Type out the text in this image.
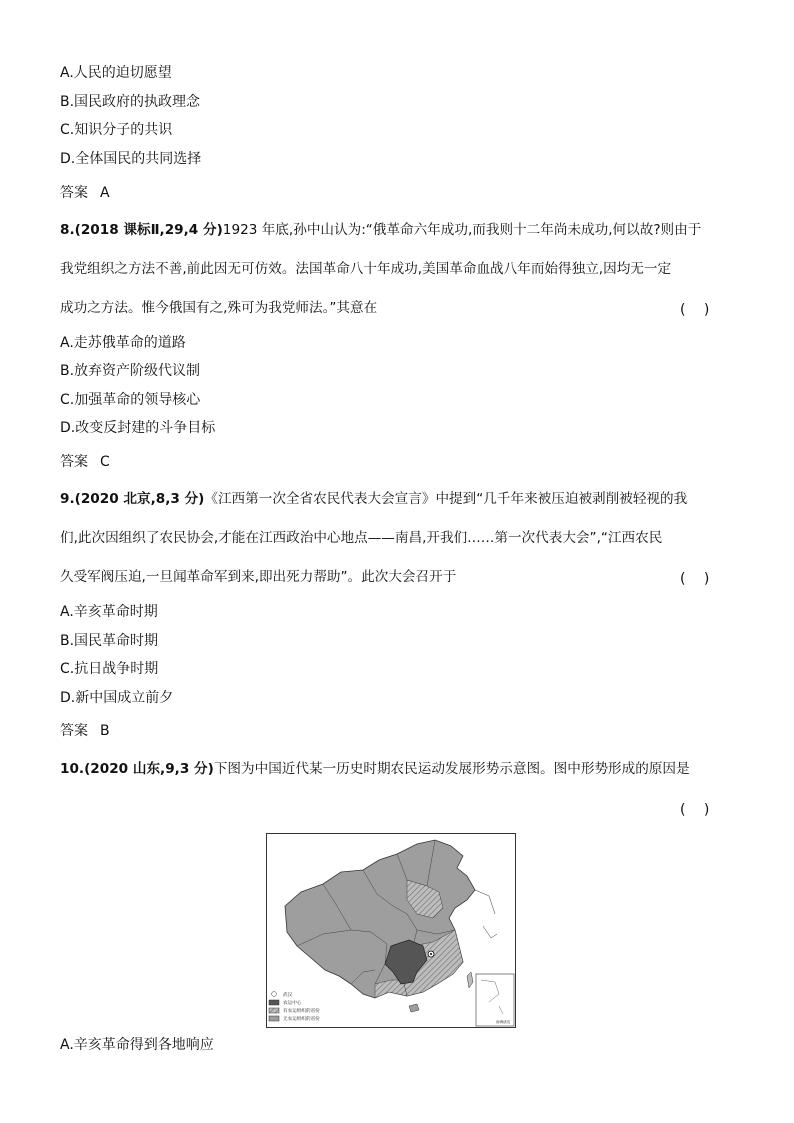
A.人民的迫切愿望
B.国民政府的执政理念
C.知识分子的共识
D.全体国民的共同选择
答案 A
8.(2018 课标Ⅱ,29,4 分)1923 年底,孙中山认为:“俄革命六年成功,而我则十二年尚未成功,何以故?则由于
我党组织之方法不善,前此因无可仿效。法国革命八十年成功,美国革命血战八年而始得独立,因均无一定
成功之方法。惟今俄国有之,殊可为我党师法。”其意在	(　 )
A.走苏俄革命的道路
B.放弃资产阶级代议制
C.加强革命的领导核心
D.改变反封建的斗争目标
答案 C
9.(2020 北京,8,3 分)《江西第一次全省农民代表大会宣言》中提到“几千年来被压迫被剥削被轻视的我
们,此次因组织了农民协会,才能在江西政治中心地点——南昌,开我们……第一次代表大会”,“江西农民
久受军阀压迫,一旦闻革命军到来,即出死力帮助”。此次大会召开于	(　 )
A.辛亥革命时期
B.国民革命时期
C.抗日战争时期
D.新中国成立前夕
答案 B
10.(2020 山东,9,3 分)下图为中国近代某一历史时期农民运动发展形势示意图。图中形势形成的原因是
(　 )
武汉
农运中心
有农运组织的省份
无农运组织的省份	南海诸岛
A.辛亥革命得到各地响应
